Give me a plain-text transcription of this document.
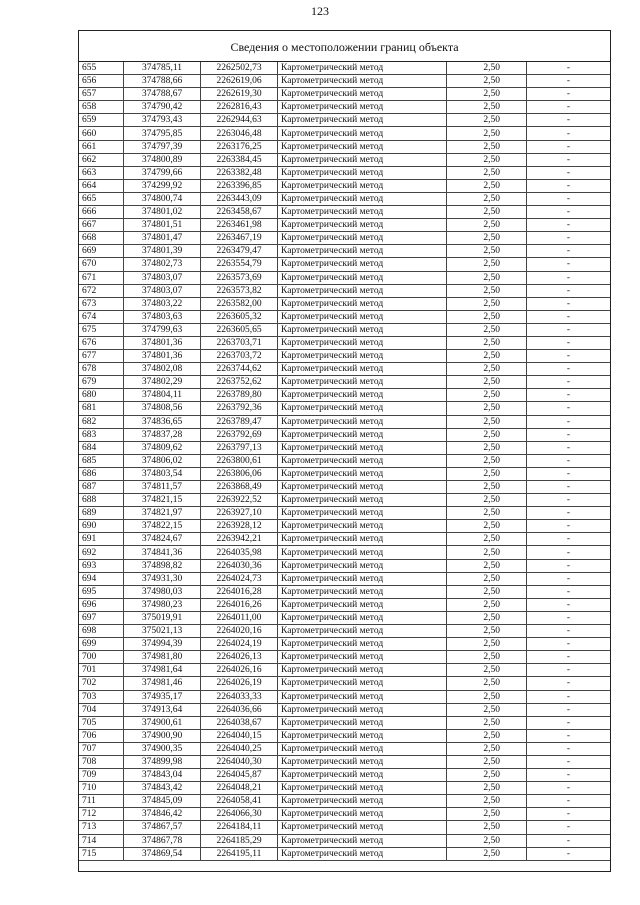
123
Сведения о местоположении границ объекта
655	374785,11	2262502,73	Картометрический метод	2,50	-
656	374788,66	2262619,06	Картометрический метод	2,50	-
657	374788,67	2262619,30	Картометрический метод	2,50	-
658	374790,42	2262816,43	Картометрический метод	2,50	-
659	374793,43	2262944,63	Картометрический метод	2,50	-
660	374795,85	2263046,48	Картометрический метод	2,50	-
661	374797,39	2263176,25	Картометрический метод	2,50	-
662	374800,89	2263384,45	Картометрический метод	2,50	-
663	374799,66	2263382,48	Картометрический метод	2,50	-
664	374299,92	2263396,85	Картометрический метод	2,50	-
665	374800,74	2263443,09	Картометрический метод	2,50	-
666	374801,02	2263458,67	Картометрический метод	2,50	-
667	374801,51	2263461,98	Картометрический метод	2,50	-
668	374801,47	2263467,19	Картометрический метод	2,50	-
669	374801,39	2263479,47	Картометрический метод	2,50	-
670	374802,73	2263554,79	Картометрический метод	2,50	-
671	374803,07	2263573,69	Картометрический метод	2,50	-
672	374803,07	2263573,82	Картометрический метод	2,50	-
673	374803,22	2263582,00	Картометрический метод	2,50	-
674	374803,63	2263605,32	Картометрический метод	2,50	-
675	374799,63	2263605,65	Картометрический метод	2,50	-
676	374801,36	2263703,71	Картометрический метод	2,50	-
677	374801,36	2263703,72	Картометрический метод	2,50	-
678	374802,08	2263744,62	Картометрический метод	2,50	-
679	374802,29	2263752,62	Картометрический метод	2,50	-
680	374804,11	2263789,80	Картометрический метод	2,50	-
681	374808,56	2263792,36	Картометрический метод	2,50	-
682	374836,65	2263789,47	Картометрический метод	2,50	-
683	374837,28	2263792,69	Картометрический метод	2,50	-
684	374809,62	2263797,13	Картометрический метод	2,50	-
685	374806,02	2263800,61	Картометрический метод	2,50	-
686	374803,54	2263806,06	Картометрический метод	2,50	-
687	374811,57	2263868,49	Картометрический метод	2,50	-
688	374821,15	2263922,52	Картометрический метод	2,50	-
689	374821,97	2263927,10	Картометрический метод	2,50	-
690	374822,15	2263928,12	Картометрический метод	2,50	-
691	374824,67	2263942,21	Картометрический метод	2,50	-
692	374841,36	2264035,98	Картометрический метод	2,50	-
693	374898,82	2264030,36	Картометрический метод	2,50	-
694	374931,30	2264024,73	Картометрический метод	2,50	-
695	374980,03	2264016,28	Картометрический метод	2,50	-
696	374980,23	2264016,26	Картометрический метод	2,50	-
697	375019,91	2264011,00	Картометрический метод	2,50	-
698	375021,13	2264020,16	Картометрический метод	2,50	-
699	374994,39	2264024,19	Картометрический метод	2,50	-
700	374981,80	2264026,13	Картометрический метод	2,50	-
701	374981,64	2264026,16	Картометрический метод	2,50	-
702	374981,46	2264026,19	Картометрический метод	2,50	-
703	374935,17	2264033,33	Картометрический метод	2,50	-
704	374913,64	2264036,66	Картометрический метод	2,50	-
705	374900,61	2264038,67	Картометрический метод	2,50	-
706	374900,90	2264040,15	Картометрический метод	2,50	-
707	374900,35	2264040,25	Картометрический метод	2,50	-
708	374899,98	2264040,30	Картометрический метод	2,50	-
709	374843,04	2264045,87	Картометрический метод	2,50	-
710	374843,42	2264048,21	Картометрический метод	2,50	-
711	374845,09	2264058,41	Картометрический метод	2,50	-
712	374846,42	2264066,30	Картометрический метод	2,50	-
713	374867,57	2264184,11	Картометрический метод	2,50	-
714	374867,78	2264185,29	Картометрический метод	2,50	-
715	374869,54	2264195,11	Картометрический метод	2,50	-
